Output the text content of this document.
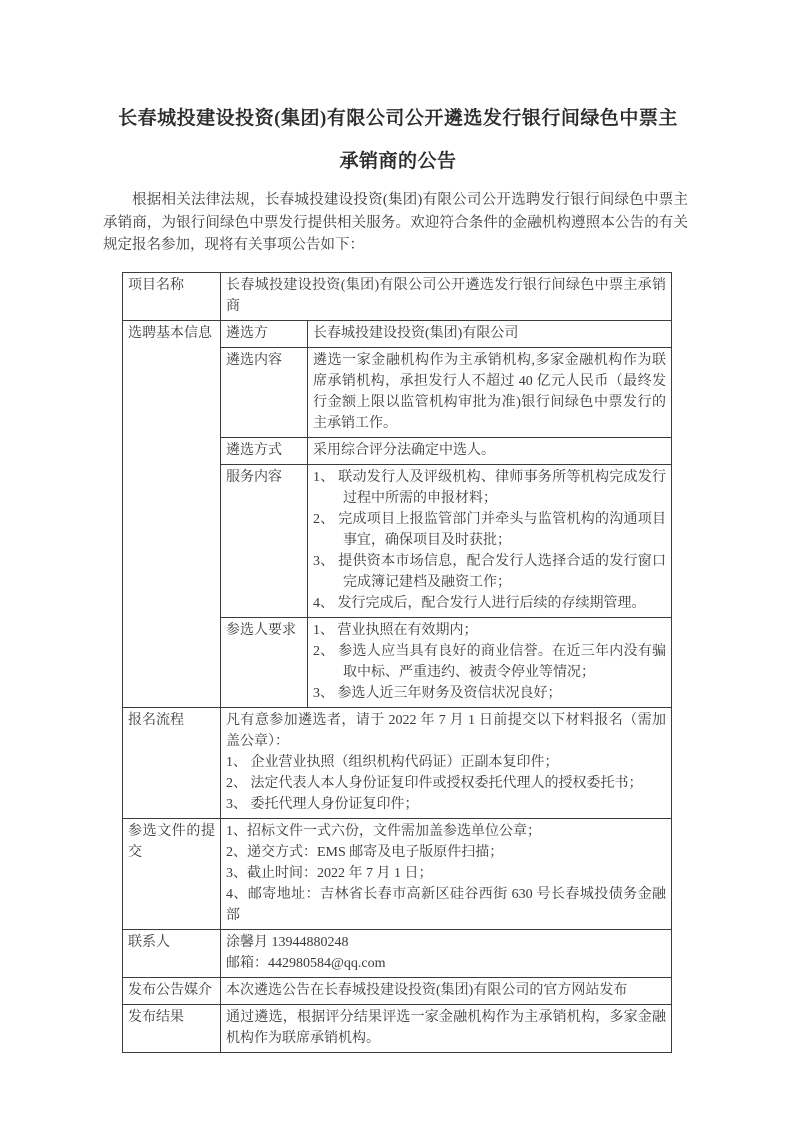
长春城投建设投资(集团)有限公司公开遴选发行银行间绿色中票主承销商的公告

根据相关法律法规，长春城投建设投资(集团)有限公司公开选聘发行银行间绿色中票主承销商，为银行间绿色中票发行提供相关服务。欢迎符合条件的金融机构遵照本公告的有关规定报名参加，现将有关事项公告如下：

项目名称	长春城投建设投资(集团)有限公司公开遴选发行银行间绿色中票主承销商	
选聘基本信息	遴选方	长春城投建设投资(集团)有限公司
	遴选内容	遴选一家金融机构作为主承销机构,多家金融机构作为联席承销机构，承担发行人不超过 40 亿元人民币（最终发行金额上限以监管机构审批为准)银行间绿色中票发行的主承销工作。
	遴选方式	采用综合评分法确定中选人。
	服务内容	1、 联动发行人及评级机构、律师事务所等机构完成发行过程中所需的申报材料；
2、 完成项目上报监管部门并牵头与监管机构的沟通项目事宜，确保项目及时获批；
3、 提供资本市场信息，配合发行人选择合适的发行窗口完成簿记建档及融资工作；
4、 发行完成后，配合发行人进行后续的存续期管理。

	参选人要求	1、 营业执照在有效期内；
2、 参选人应当具有良好的商业信誉。在近三年内没有骗取中标、严重违约、被责令停业等情况；
3、 参选人近三年财务及资信状况良好；

报名流程	凡有意参加遴选者，请于 2022 年 7 月 1 日前提交以下材料报名（需加盖公章）：
1、 企业营业执照（组织机构代码证）正副本复印件；
2、 法定代表人本人身份证复印件或授权委托代理人的授权委托书；
3、 委托代理人身份证复印件；	

参选文件的提交	1、招标文件一式六份，文件需加盖参选单位公章；
2、递交方式：EMS 邮寄及电子版原件扫描；
3、截止时间：2022 年 7 月 1 日；
4、邮寄地址：吉林省长春市高新区硅谷西街 630 号长春城投债务金融部	

联系人	涂馨月 13944880248
邮箱：442980584@qq.com	

发布公告媒介	本次遴选公告在长春城投建设投资(集团)有限公司的官方网站发布	
发布结果	通过遴选，根据评分结果评选一家金融机构作为主承销机构，多家金融机构作为联席承销机构。	
